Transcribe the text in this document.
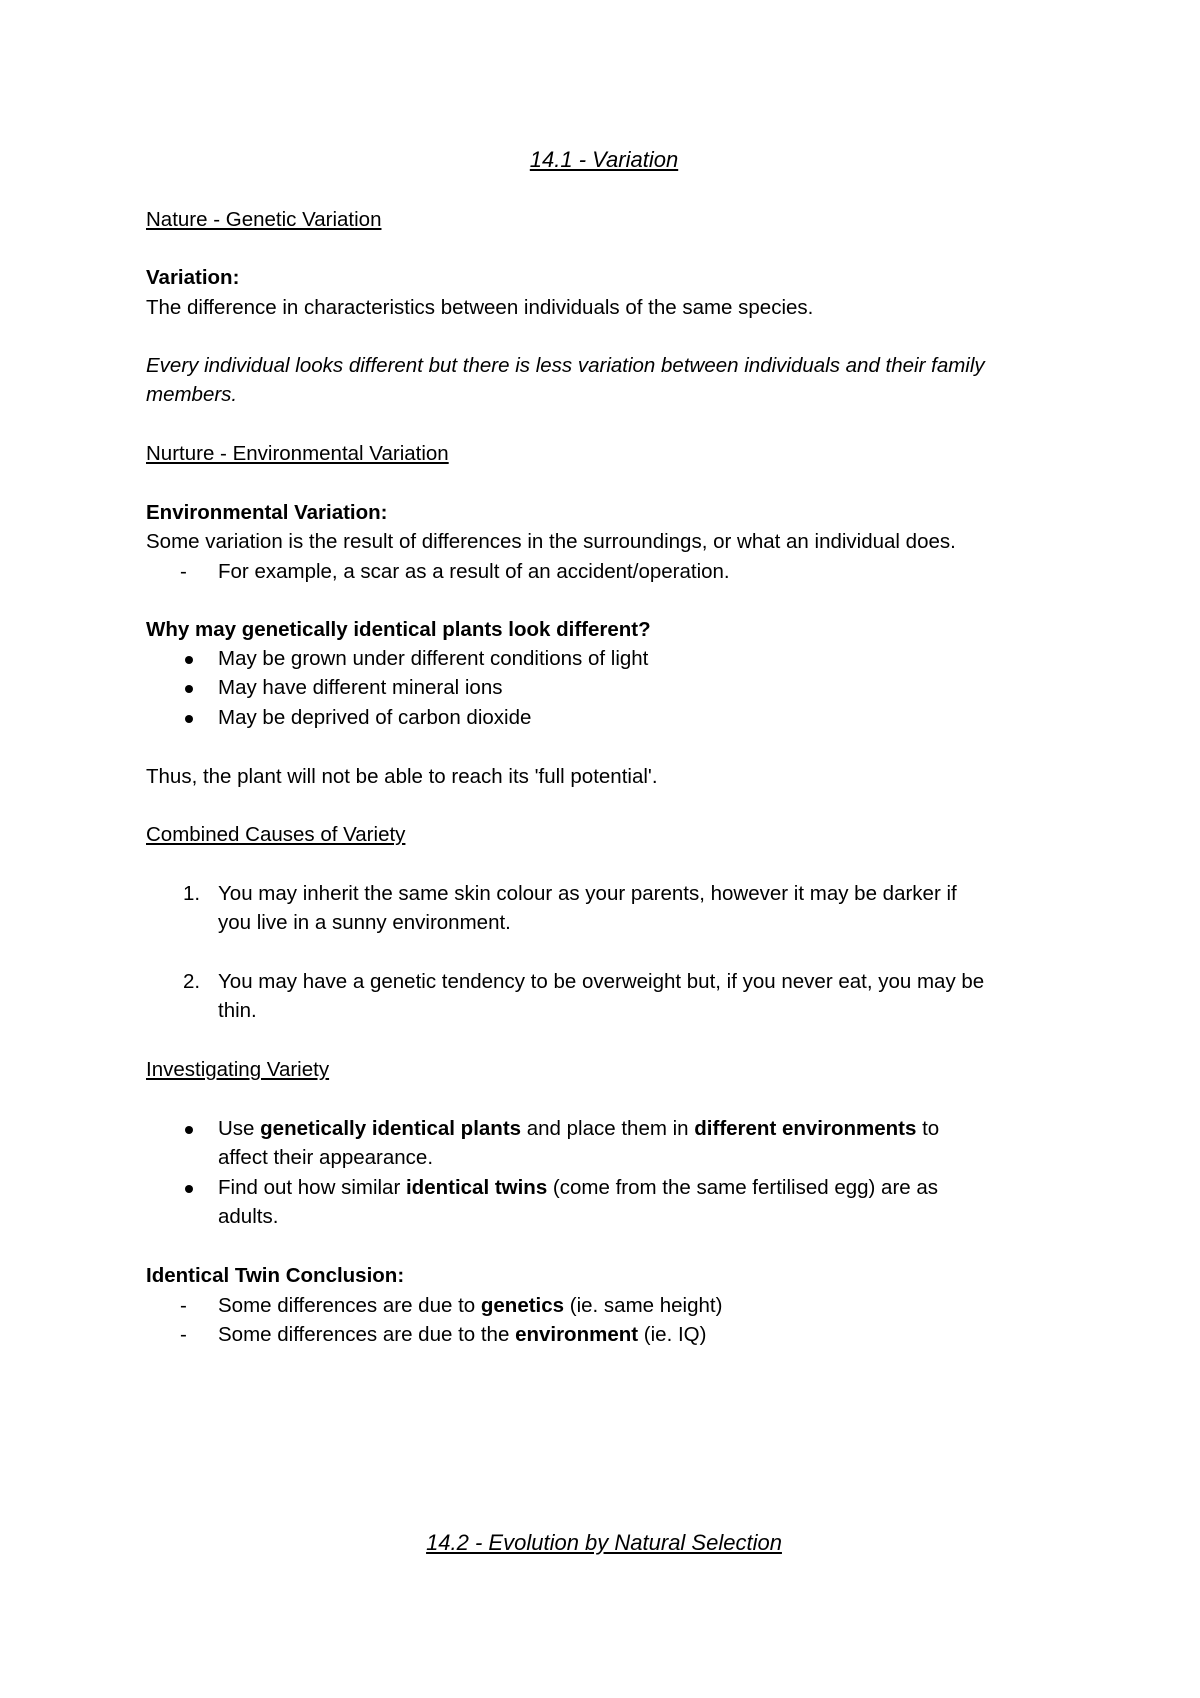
14.1 - Variation
Nature - Genetic Variation
Variation:
The difference in characteristics between individuals of the same species.
Every individual looks different but there is less variation between individuals and their family
members.
Nurture - Environmental Variation
Environmental Variation:
Some variation is the result of differences in the surroundings, or what an individual does.
-	For example, a scar as a result of an accident/operation.
Why may genetically identical plants look different?
May be grown under different conditions of light
May have different mineral ions
May be deprived of carbon dioxide
Thus, the plant will not be able to reach its 'full potential'.
Combined Causes of Variety
1. You may inherit the same skin colour as your parents, however it may be darker if
you live in a sunny environment.
2. You may have a genetic tendency to be overweight but, if you never eat, you may be
thin.
Investigating Variety
Use genetically identical plants and place them in different environments to
affect their appearance.
Find out how similar identical twins (come from the same fertilised egg) are as
adults.
Identical Twin Conclusion:
-	Some differences are due to genetics (ie. same height)
-	Some differences are due to the environment (ie. IQ)
14.2 - Evolution by Natural Selection
